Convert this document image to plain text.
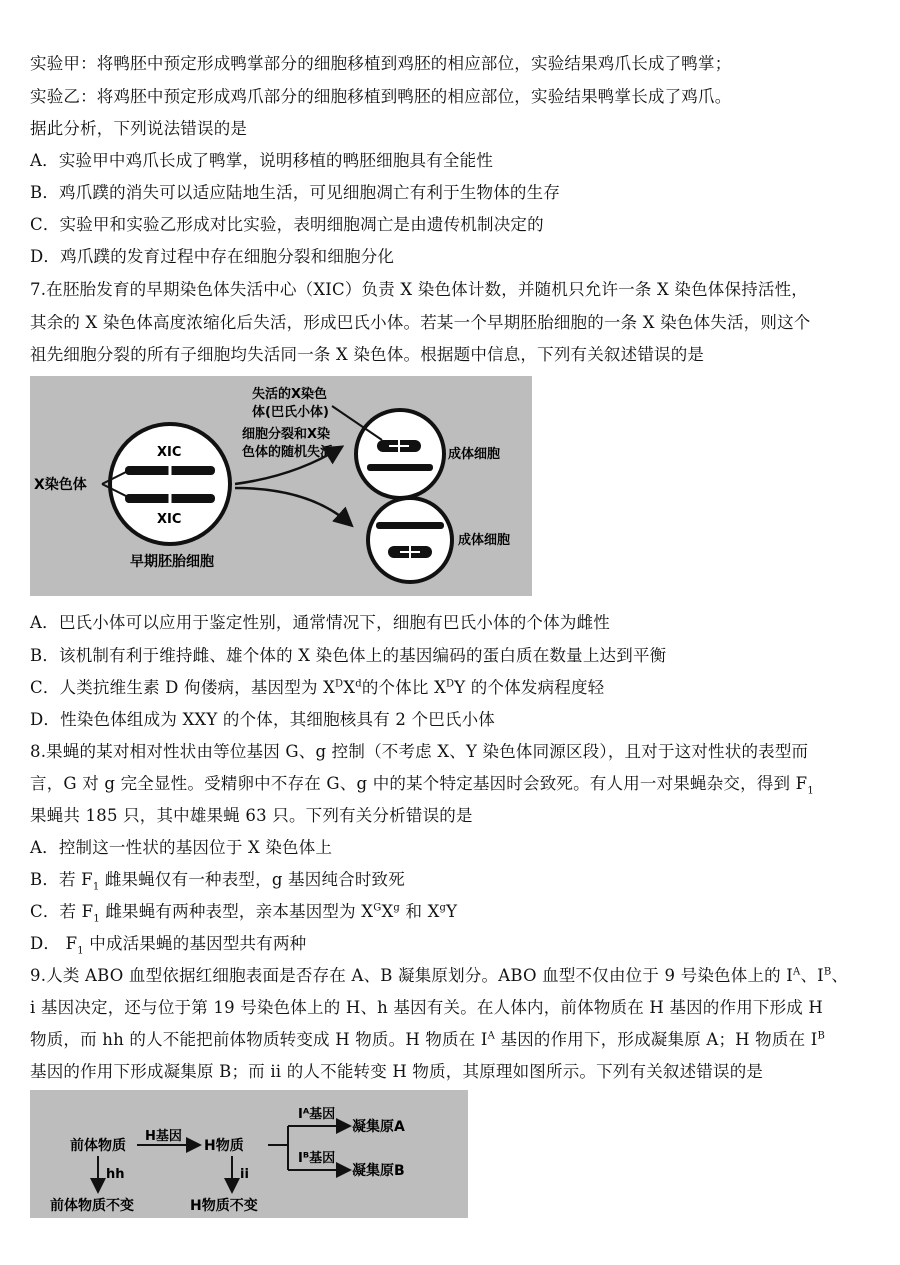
实验甲：将鸭胚中预定形成鸭掌部分的细胞移植到鸡胚的相应部位，实验结果鸡爪长成了鸭掌；
实验乙：将鸡胚中预定形成鸡爪部分的细胞移植到鸭胚的相应部位，实验结果鸭掌长成了鸡爪。
据此分析，下列说法错误的是
A．实验甲中鸡爪长成了鸭掌，说明移植的鸭胚细胞具有全能性
B．鸡爪蹼的消失可以适应陆地生活，可见细胞凋亡有利于生物体的生存
C．实验甲和实验乙形成对比实验，表明细胞凋亡是由遗传机制决定的
D．鸡爪蹼的发育过程中存在细胞分裂和细胞分化
7.在胚胎发育的早期染色体失活中心（XIC）负责 X 染色体计数，并随机只允许一条 X 染色体保持活性，
其余的 X 染色体高度浓缩化后失活，形成巴氏小体。若某一个早期胚胎细胞的一条 X 染色体失活，则这个
祖先细胞分裂的所有子细胞均失活同一条 X 染色体。根据题中信息，下列有关叙述错误的是
XIC
XIC
X染色体
早期胚胎细胞
细胞分裂和X染
色体的随机失活	成体细胞
失活的X染色
体(巴氏小体)
成体细胞
A．巴氏小体可以应用于鉴定性别，通常情况下，细胞有巴氏小体的个体为雌性
B．该机制有利于维持雌、雄个体的 X 染色体上的基因编码的蛋白质在数量上达到平衡
C．人类抗维生素 D 佝偻病，基因型为 $X^DX^d$的个体比 $X^DY$ 的个体发病程度轻
D．性染色体组成为 XXY 的个体，其细胞核具有 2 个巴氏小体
8.果蝇的某对相对性状由等位基因 G、g 控制（不考虑 X、Y 染色体同源区段），且对于这对性状的表型而
言，G 对 g 完全显性。受精卵中不存在 G、g 中的某个特定基因时会致死。有人用一对果蝇杂交，得到 $F_1$
果蝇共 185 只，其中雄果蝇 63 只。下列有关分析错误的是
A．控制这一性状的基因位于 X 染色体上
B．若 $F_1$ 雌果蝇仅有一种表型，g 基因纯合时致死
C．若 $F_1$ 雌果蝇有两种表型，亲本基因型为 $X^GX^g$ 和 $X^gY$
D． $F_1$ 中成活果蝇的基因型共有两种
9.人类 ABO 血型依据红细胞表面是否存在 A、B 凝集原划分。ABO 血型不仅由位于 9 号染色体上的 $I^A$、$I^B$、
i 基因决定，还与位于第 19 号染色体上的 H、h 基因有关。在人体内，前体物质在 H 基因的作用下形成 H
物质，而 hh 的人不能把前体物质转变成 H 物质。H 物质在 $I^A$ 基因的作用下，形成凝集原 A；H 物质在 $I^B$
基因的作用下形成凝集原 B；而 ii 的人不能转变 H 物质，其原理如图所示。下列有关叙述错误的是
前体物质
H基因
H物质
Iᴬ基因
Iᴮ基因
凝集原A
凝集原B
hh	ii
前体物质不变	H物质不变
